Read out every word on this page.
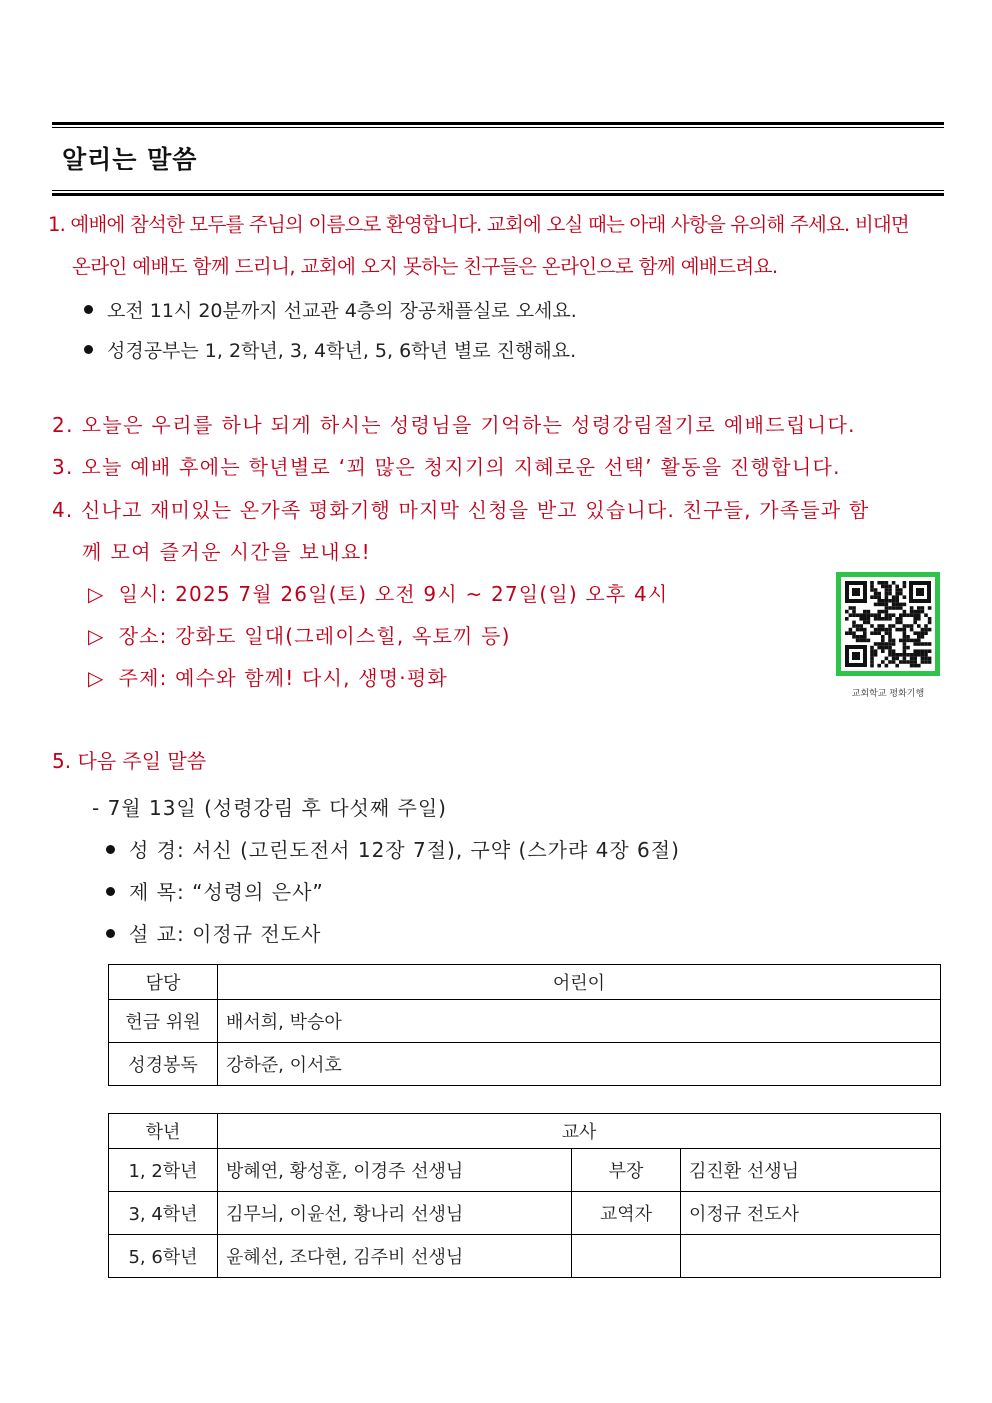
알리는 말씀
1. 예배에 참석한 모두를 주님의 이름으로 환영합니다. 교회에 오실 때는 아래 사항을 유의해 주세요. 비대면
온라인 예배도 함께 드리니, 교회에 오지 못하는 친구들은 온라인으로 함께 예배드려요.
오전 11시 20분까지 선교관 4층의 장공채플실로 오세요.
성경공부는 1, 2학년, 3, 4학년, 5, 6학년 별로 진행해요.
2. 오늘은 우리를 하나 되게 하시는 성령님을 기억하는 성령강림절기로 예배드립니다.
3. 오늘 예배 후에는 학년별로 ‘꾀 많은 청지기의 지혜로운 선택’ 활동을 진행합니다.
4. 신나고 재미있는 온가족 평화기행 마지막 신청을 받고 있습니다. 친구들, 가족들과 함
께 모여 즐거운 시간을 보내요!
▷ 일시: 2025 7월 26일(토) 오전 9시 ~ 27일(일) 오후 4시
▷ 장소: 강화도 일대(그레이스힐, 옥토끼 등)
▷ 주제: 예수와 함께! 다시, 생명·평화
교회학교 평화기행
5. 다음 주일 말씀
- 7월 13일 (성령강림 후 다섯째 주일)
성 경: 서신 (고린도전서 12장 7절), 구약 (스가랴 4장 6절)
제 목: “성령의 은사”
설 교: 이정규 전도사
담당	어린이
헌금 위원	배서희, 박승아
성경봉독	강하준, 이서호
학년	교사		
1, 2학년	방혜연, 황성훈, 이경주 선생님	부장	김진환 선생님
3, 4학년	김무늬, 이윤선, 황나리 선생님	교역자	이정규 전도사
5, 6학년	윤혜선, 조다현, 김주비 선생님		
